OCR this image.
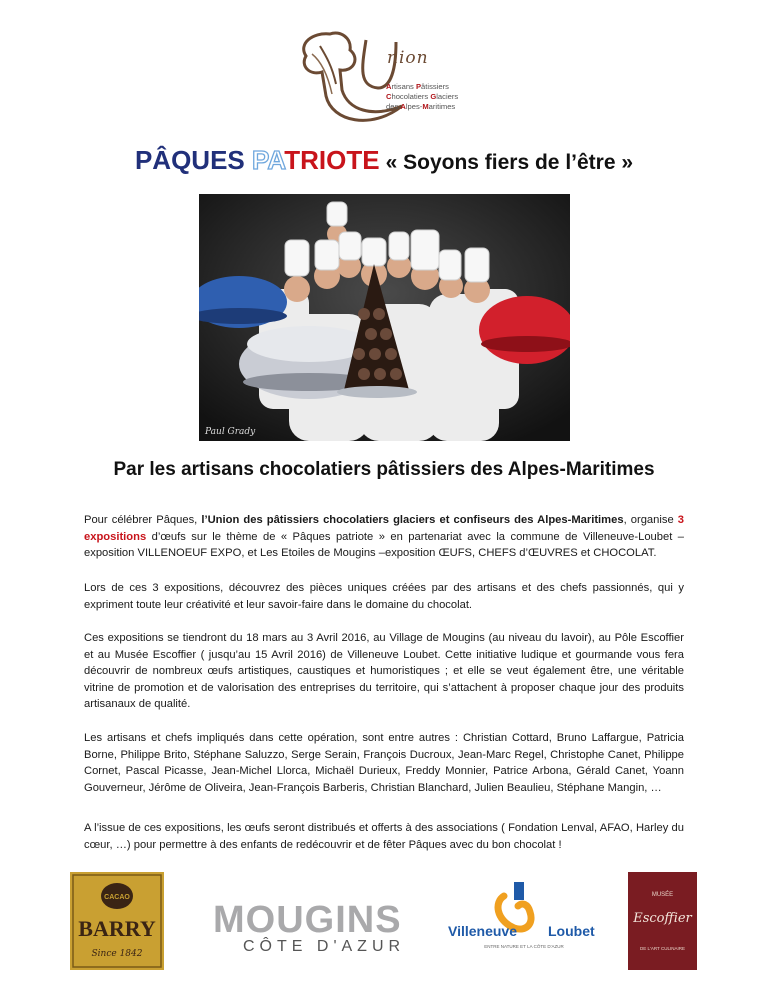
nion
Artisans Pâtissiers
Chocolatiers Glaciers
des Alpes-Maritimes
PÂQUES PATRIOTE « Soyons fiers de l’être »
Paul Grady
Par les artisans chocolatiers pâtissiers des Alpes-Maritimes
Pour célébrer Pâques, l’Union des pâtissiers chocolatiers glaciers et confiseurs des Alpes-Maritimes, organise 3 expositions d’œufs sur le thème de « Pâques patriote » en partenariat avec la commune de Villeneuve-Loubet – exposition VILLENOEUF EXPO, et Les Etoiles de Mougins –exposition ŒUFS, CHEFS d’ŒUVRES et CHOCOLAT.
Lors de ces 3 expositions, découvrez des pièces uniques créées par des artisans et des chefs passionnés, qui y expriment toute leur créativité et leur savoir-faire dans le domaine du chocolat.
Ces expositions se tiendront du 18 mars au 3 Avril 2016, au Village de Mougins (au niveau du lavoir), au Pôle Escoffier et au Musée Escoffier ( jusqu’au 15 Avril 2016) de Villeneuve Loubet. Cette initiative ludique et gourmande vous fera découvrir de nombreux œufs artistiques, caustiques et humoristiques ; et elle se veut également être, une véritable vitrine de promotion et de valorisation des entreprises du territoire, qui s’attachent à proposer chaque jour des produits artisanaux de qualité.
Les artisans et chefs impliqués dans cette opération, sont entre autres : Christian Cottard, Bruno Laffargue, Patricia Borne, Philippe Brito, Stéphane Saluzzo, Serge Serain, François Ducroux, Jean-Marc Regel, Christophe Canet, Philippe Cornet, Pascal Picasse, Jean-Michel Llorca, Michaël Durieux, Freddy Monnier, Patrice Arbona, Gérald Canet, Yoann Gouverneur, Jérôme de Oliveira, Jean-François Barberis, Christian Blanchard, Julien Beaulieu, Stéphane Mangin, …
A l’issue de ces expositions, les œufs seront distribués et offerts à des associations ( Fondation Lenval, AFAO, Harley du cœur, …) pour permettre à des enfants de redécouvrir et de fêter Pâques avec du bon chocolat !
CACAO
BARRY
Since 1842
MOUGINS
CÔTE D'AZUR
Villeneuve Loubet
ENTRE NATURE ET LA CÔTE D'AZUR
MUSÉE
Escoffier
DE L'ART CULINAIRE
